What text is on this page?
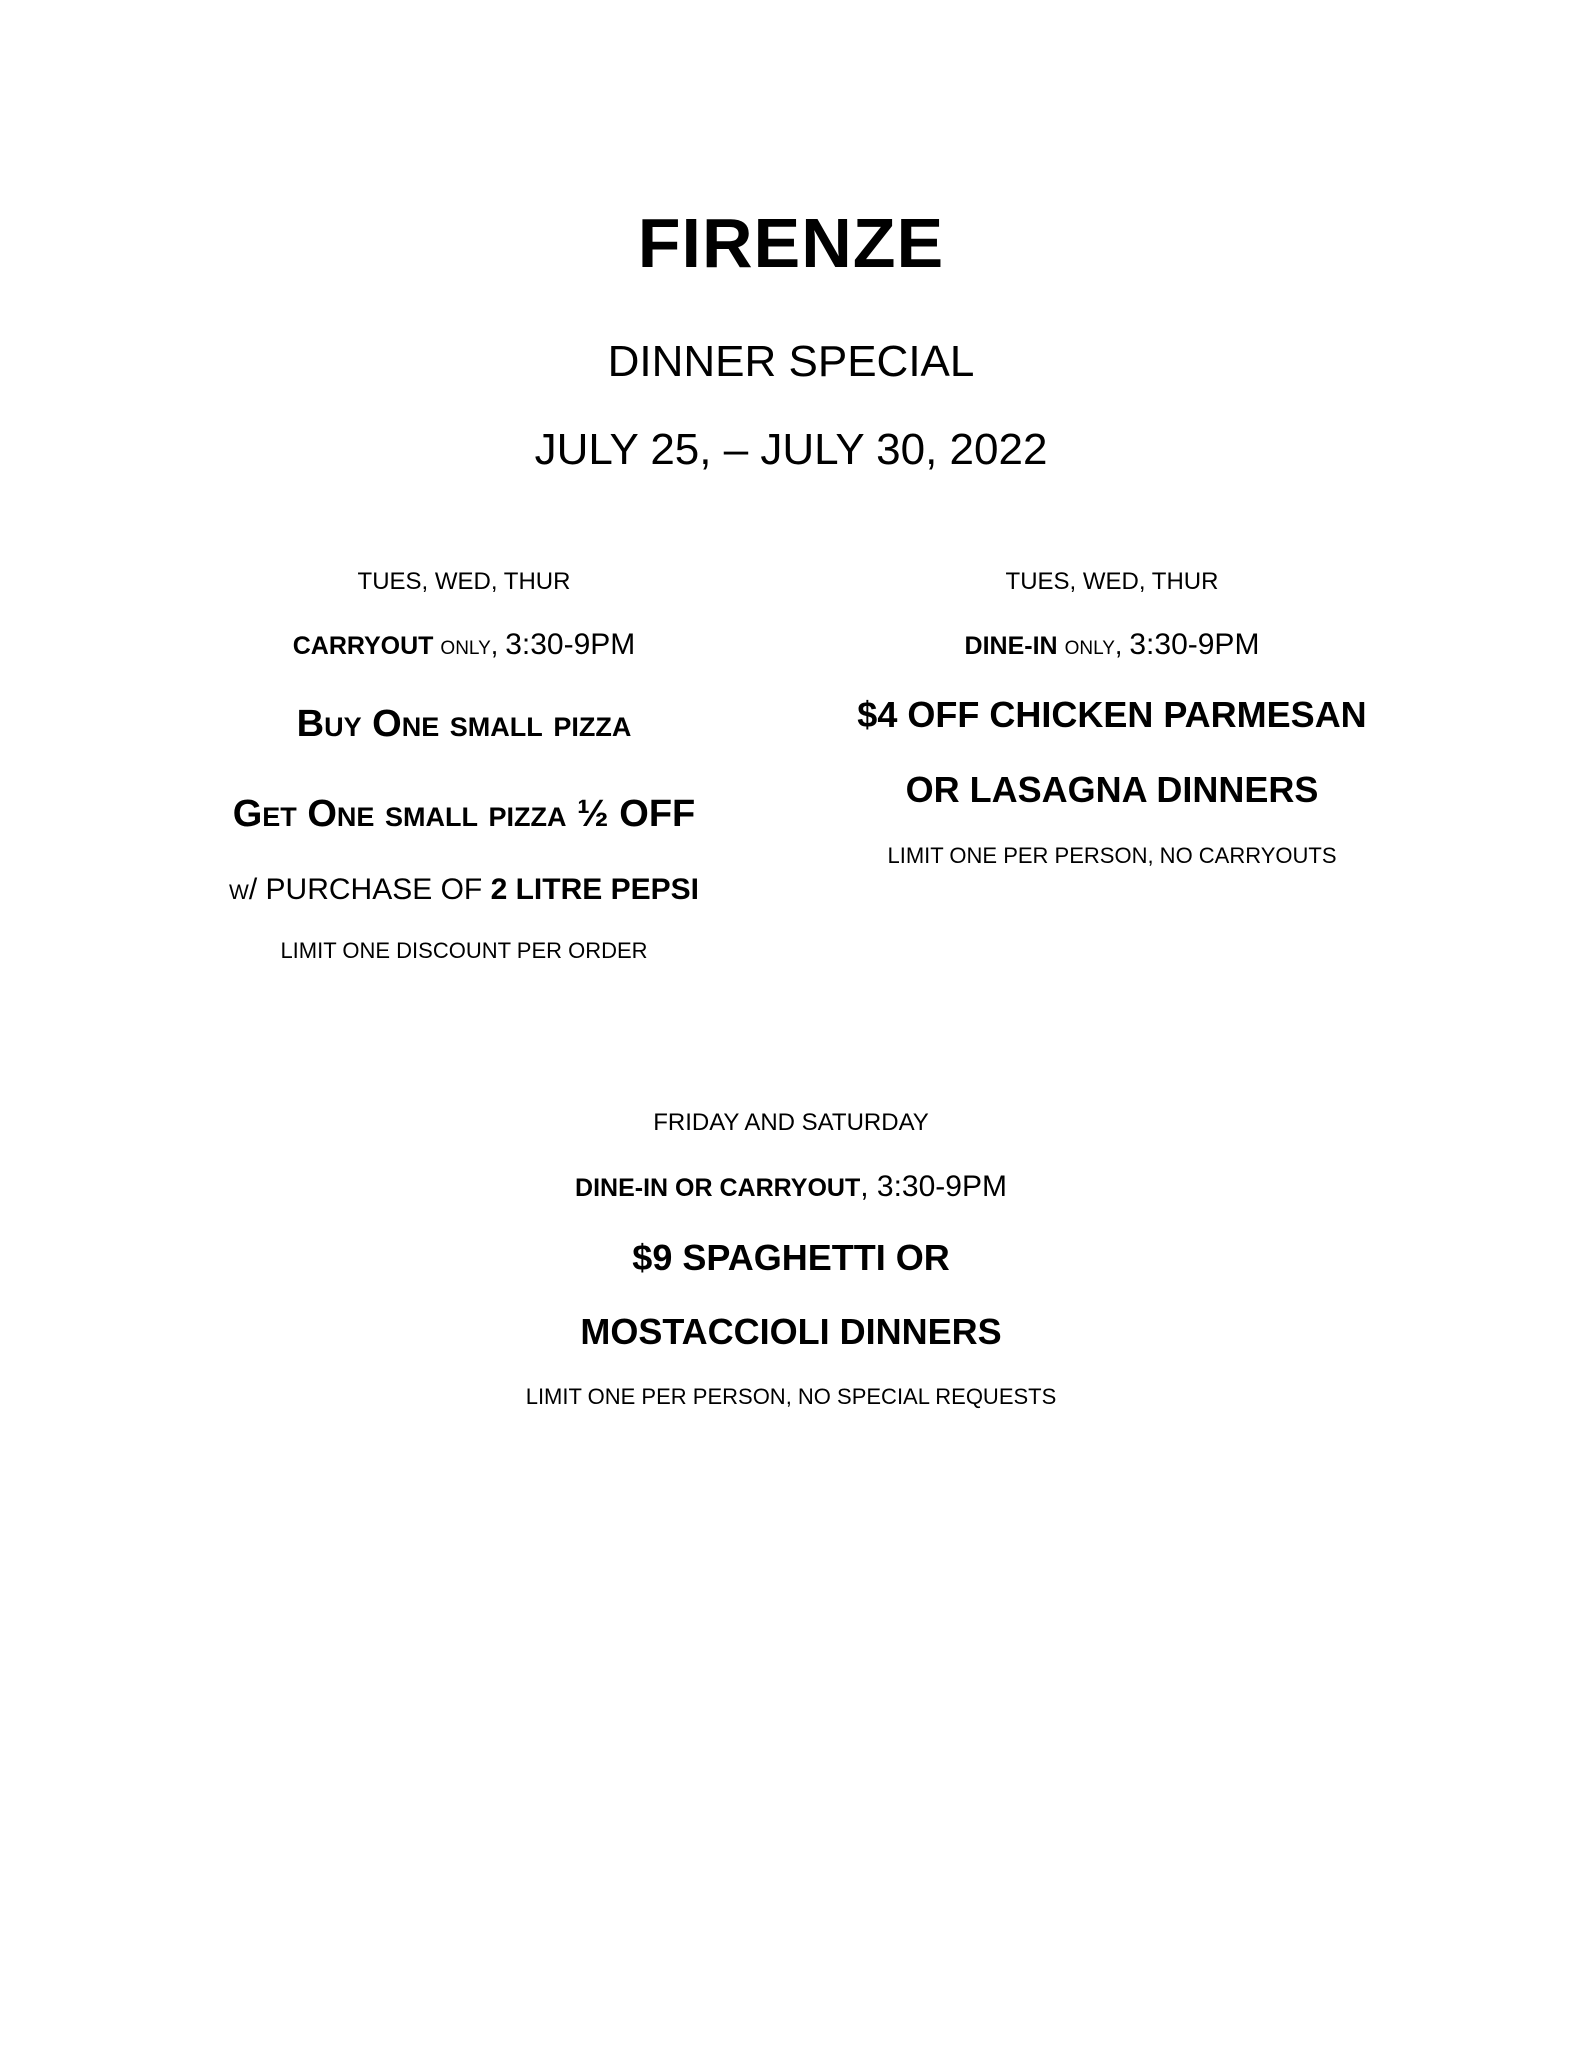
FIRENZE
DINNER SPECIAL
JULY 25, – JULY 30, 2022
TUES, WED, THUR
CARRYOUT only, 3:30-9PM
Buy One small pizza
Get One small pizza ½ OFF
w/ PURCHASE OF 2 LITRE PEPSI
LIMIT ONE DISCOUNT PER ORDER
TUES, WED, THUR
DINE-IN only, 3:30-9PM
$4 OFF CHICKEN PARMESAN
OR LASAGNA DINNERS
LIMIT ONE PER PERSON, NO CARRYOUTS
FRIDAY AND SATURDAY
DINE-IN OR CARRYOUT, 3:30-9PM
$9 SPAGHETTI OR
MOSTACCIOLI DINNERS
LIMIT ONE PER PERSON, NO SPECIAL REQUESTS
